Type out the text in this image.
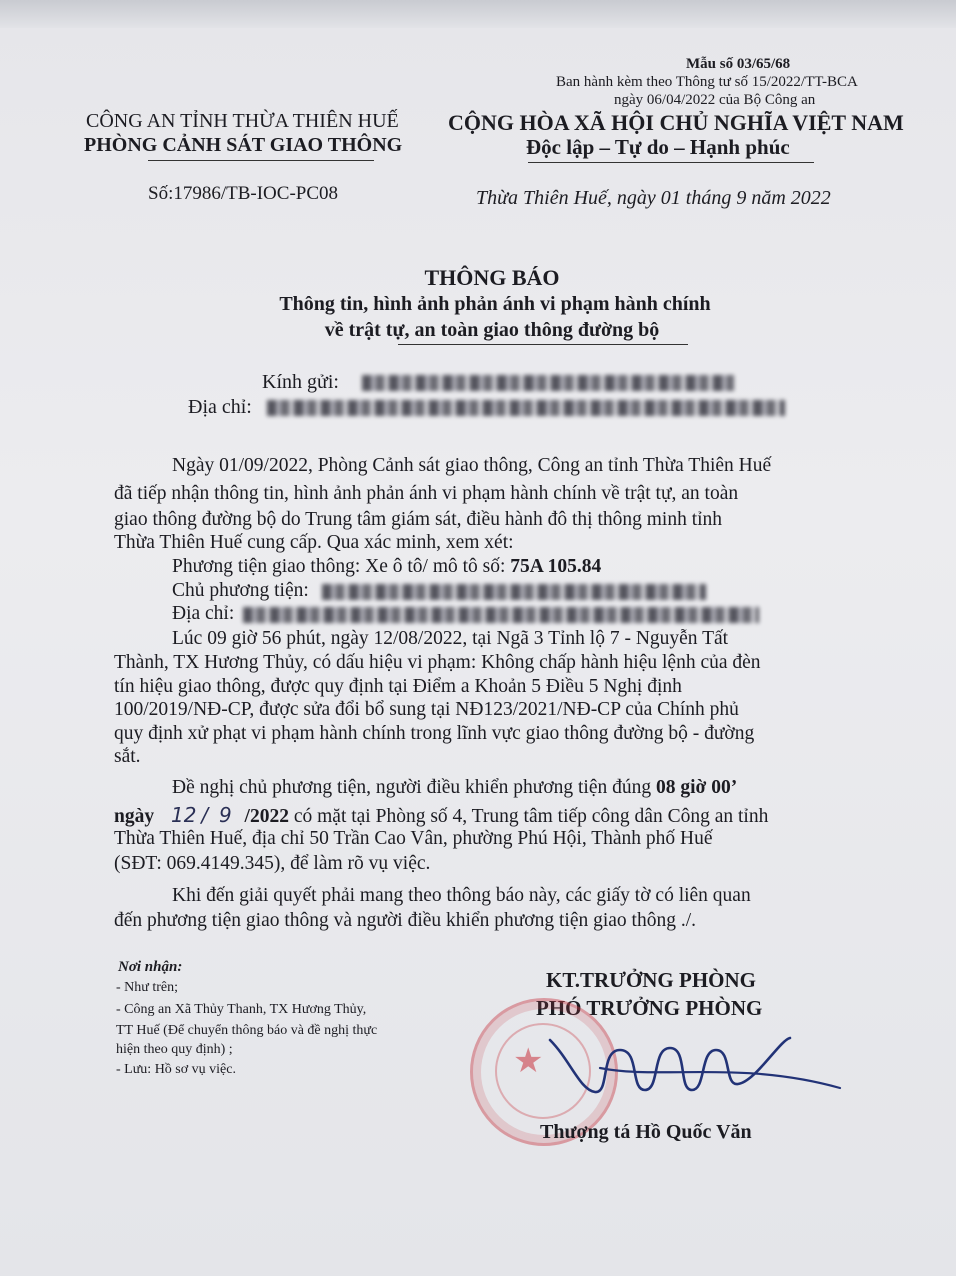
Mẫu số 03/65/68
Ban hành kèm theo Thông tư số 15/2022/TT-BCA
ngày 06/04/2022 của Bộ Công an
CÔNG AN TỈNH THỪA THIÊN HUẾ
PHÒNG CẢNH SÁT GIAO THÔNG
CỘNG HÒA XÃ HỘI CHỦ NGHĨA VIỆT NAM
Độc lập – Tự do – Hạnh phúc
Số:17986/TB-IOC-PC08	Thừa Thiên Huế, ngày 01 tháng 9 năm 2022
THÔNG BÁO
Thông tin, hình ảnh phản ánh vi phạm hành chính
về trật tự, an toàn giao thông đường bộ
Kính gửi:
Địa chỉ:
Ngày 01/09/2022, Phòng Cảnh sát giao thông, Công an tỉnh Thừa Thiên Huế
đã tiếp nhận thông tin, hình ảnh phản ánh vi phạm hành chính về trật tự, an toàn
giao thông đường bộ do Trung tâm giám sát, điều hành đô thị thông minh tỉnh
Thừa Thiên Huế cung cấp. Qua xác minh, xem xét:
Phương tiện giao thông: Xe ô tô/ mô tô số: 75A 105.84
Chủ phương tiện:
Địa chỉ:
Lúc 09 giờ 56 phút, ngày 12/08/2022, tại Ngã 3 Tỉnh lộ 7 - Nguyễn Tất
Thành, TX Hương Thủy, có dấu hiệu vi phạm: Không chấp hành hiệu lệnh của đèn
tín hiệu giao thông, được quy định tại Điểm a Khoản 5 Điều 5 Nghị định
100/2019/NĐ-CP, được sửa đổi bổ sung tại NĐ123/2021/NĐ-CP của Chính phủ
quy định xử phạt vi phạm hành chính trong lĩnh vực giao thông đường bộ - đường
sắt.
Đề nghị chủ phương tiện, người điều khiển phương tiện đúng 08 giờ 00’
ngày 12 / 9 /2022 có mặt tại Phòng số 4, Trung tâm tiếp công dân Công an tỉnh
Thừa Thiên Huế, địa chỉ 50 Trần Cao Vân, phường Phú Hội, Thành phố Huế
(SĐT: 069.4149.345), để làm rõ vụ việc.
Khi đến giải quyết phải mang theo thông báo này, các giấy tờ có liên quan
đến phương tiện giao thông và người điều khiển phương tiện giao thông ./.
Nơi nhận:
- Như trên;
- Công an Xã Thủy Thanh, TX Hương Thủy,
TT Huế (Để chuyển thông báo và đề nghị thực
hiện theo quy định) ;
- Lưu: Hồ sơ vụ việc.
KT.TRƯỞNG PHÒNG
PHÓ TRƯỞNG PHÒNG
★
Thượng tá Hồ Quốc Văn
